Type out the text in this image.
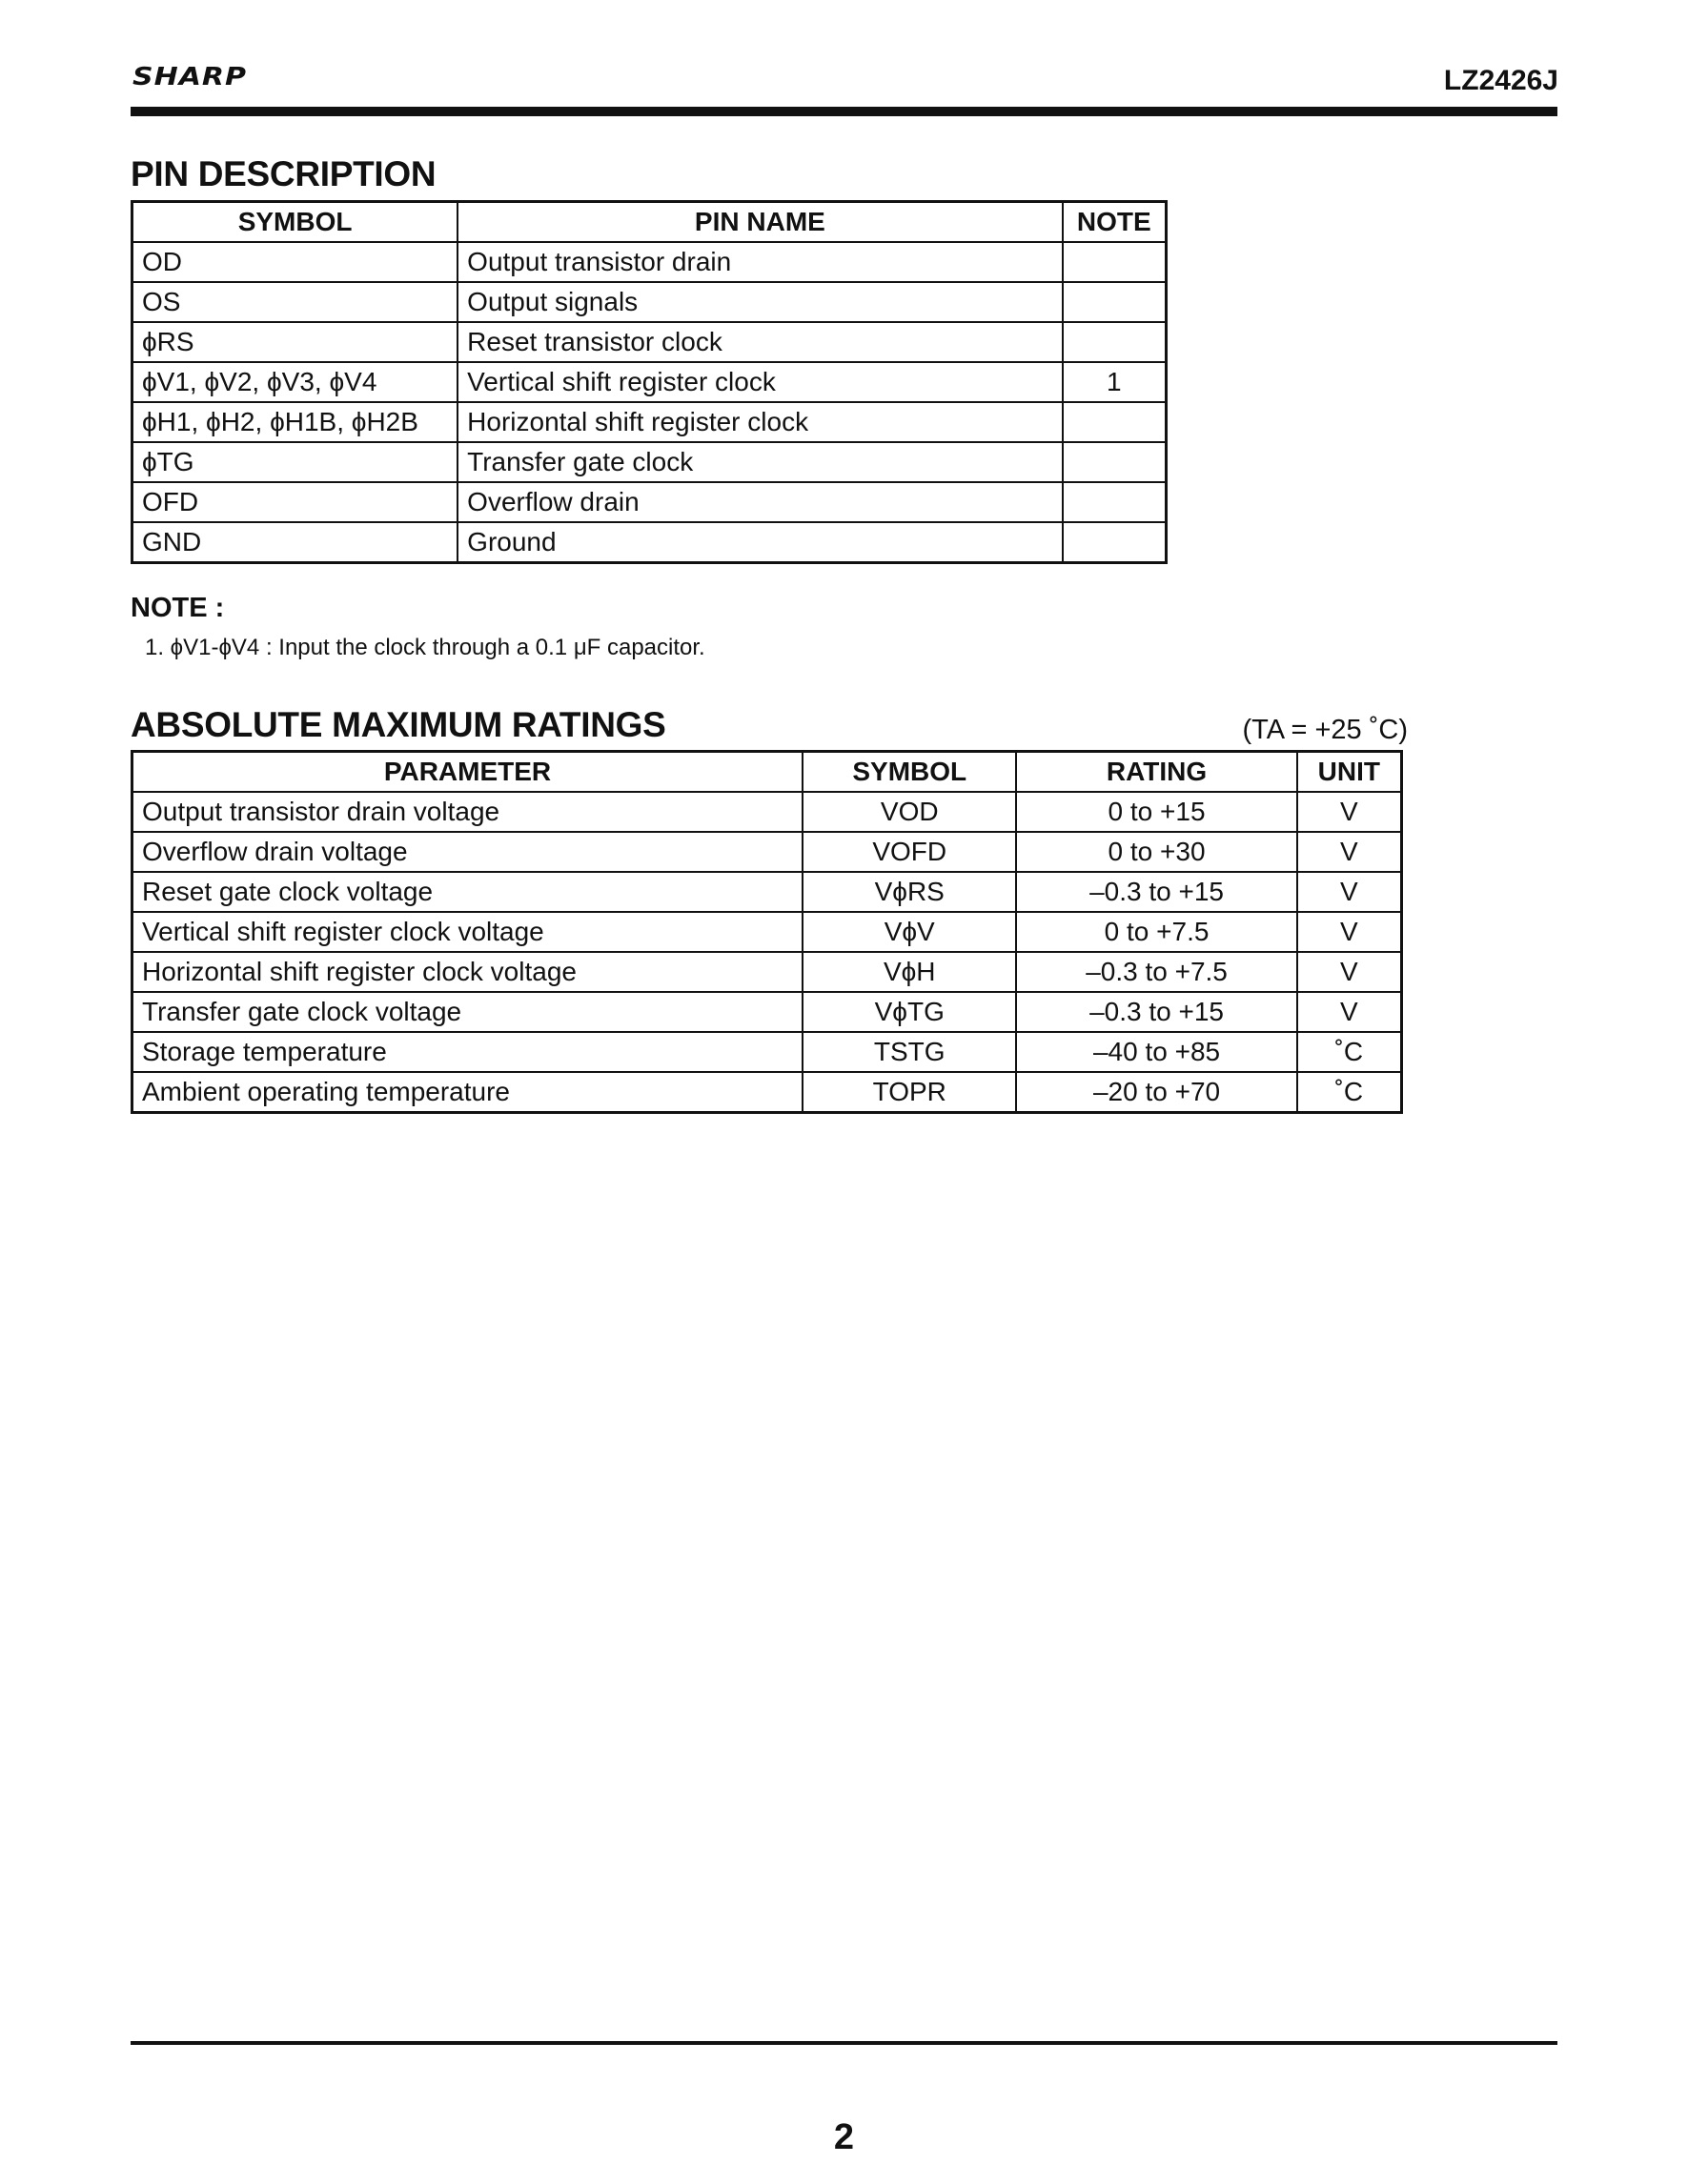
SHARP	LZ2426J
PIN DESCRIPTION
SYMBOL	PIN NAME	NOTE
OD	Output transistor drain	
OS	Output signals	
ϕRS	Reset transistor clock	
ϕV1, ϕV2, ϕV3, ϕV4	Vertical shift register clock	1
ϕH1, ϕH2, ϕH1B, ϕH2B	Horizontal shift register clock	
ϕTG	Transfer gate clock	
OFD	Overflow drain	
GND	Ground	
NOTE :
1. ϕV1-ϕV4 : Input the clock through a 0.1 μF capacitor.
ABSOLUTE MAXIMUM RATINGS	(TA = +25 ˚C)
PARAMETER	SYMBOL	RATING	UNIT
Output transistor drain voltage	VOD	0 to +15	V
Overflow drain voltage	VOFD	0 to +30	V
Reset gate clock voltage	VϕRS	–0.3 to +15	V
Vertical shift register clock voltage	VϕV	0 to +7.5	V
Horizontal shift register clock voltage	VϕH	–0.3 to +7.5	V
Transfer gate clock voltage	VϕTG	–0.3 to +15	V
Storage temperature	TSTG	–40 to +85	˚C
Ambient operating temperature	TOPR	–20 to +70	˚C
2
